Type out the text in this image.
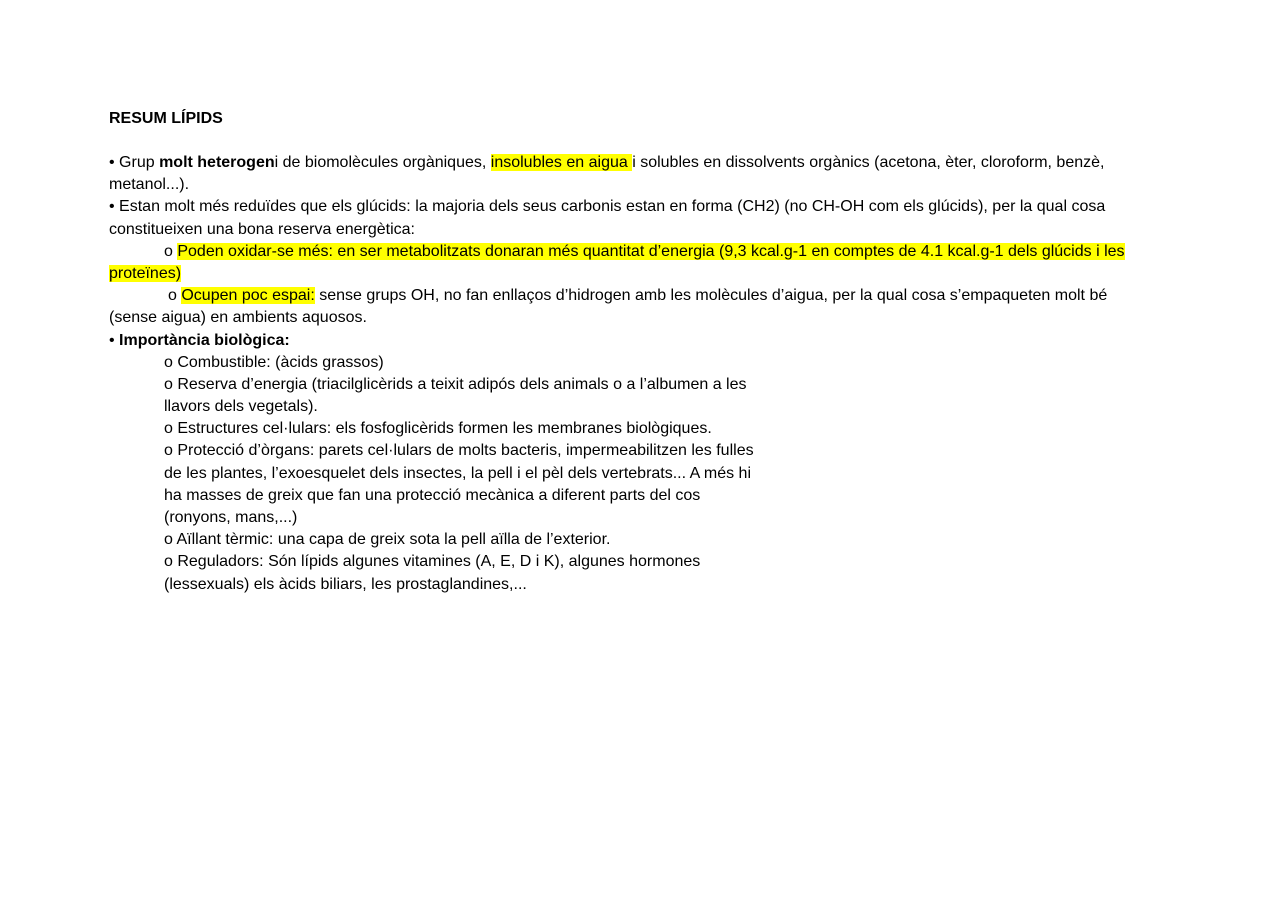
RESUM LÍPIDS
• Grup molt heterogeni de biomolècules orgàniques, insolubles en aigua i solubles en dissolvents orgànics (acetona, èter, cloroform, benzè,
metanol...).
• Estan molt més reduïdes que els glúcids: la majoria dels seus carbonis estan en forma (CH2) (no CH-OH com els glúcids), per la qual cosa
constitueixen una bona reserva energètica:
o Poden oxidar-se més: en ser metabolitzats donaran més quantitat d’energia (9,3 kcal.g-1 en comptes de 4.1 kcal.g-1 dels glúcids i les
proteïnes)
o Ocupen poc espai: sense grups OH, no fan enllaços d’hidrogen amb les molècules d’aigua, per la qual cosa s’empaqueten molt bé
(sense aigua) en ambients aquosos.
• Importància biològica:
o Combustible: (àcids grassos)
o Reserva d’energia (triacilglicèrids a teixit adipós dels animals o a l’albumen a les
llavors dels vegetals).
o Estructures cel·lulars: els fosfoglicèrids formen les membranes biològiques.
o Protecció d’òrgans: parets cel·lulars de molts bacteris, impermeabilitzen les fulles
de les plantes, l’exoesquelet dels insectes, la pell i el pèl dels vertebrats... A més hi
ha masses de greix que fan una protecció mecànica a diferent parts del cos
(ronyons, mans,...)
o Aïllant tèrmic: una capa de greix sota la pell aïlla de l’exterior.
o Reguladors: Són lípids algunes vitamines (A, E, D i K), algunes hormones
(lessexuals) els àcids biliars, les prostaglandines,...
